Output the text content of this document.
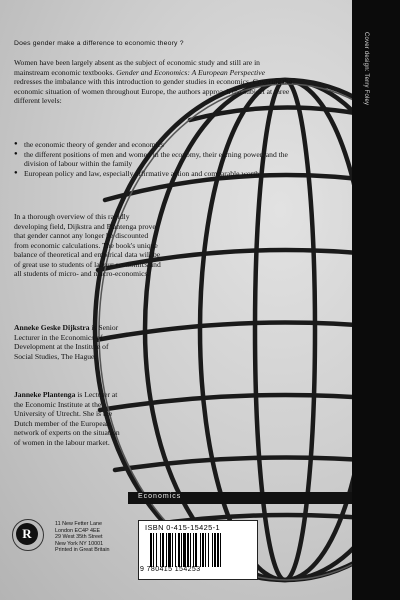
Cover design: Terry Foley
Does gender make a difference to economic theory ?
Women have been largely absent as the subject of economic study and still are in mainstream economic textbooks. Gender and Economics: A European Perspective redresses the imbalance with this introduction to gender studies in economics. Covering the economic situation of women throughout Europe, the authors approach the subject at three different levels:
● the economic theory of gender and economics
● the different positions of men and women in the economy, their earning power, and the division of labour within the family
● European policy and law, especially affirmative action and comparable worth
In a thorough overview of this rapidly developing field, Dijkstra and Plantenga prove that gender cannot any longer be discounted from economic calculations. The book's unique balance of theoretical and empirical data will be of great use to students of labour economics and all students of micro- and macro-economics.
Anneke Geske Dijkstra is Senior Lecturer in the Economics of Development at the Institute of Social Studies, The Hague.
Janneke Plantenga is Lecturer at the Economic Institute at the University of Utrecht. She is the Dutch member of the European network of experts on the situation of women in the labour market.
Economics
R
11 New Fetter Lane
London EC4P 4EE
29 West 35th Street
New York NY 10001
Printed in Great Britain
ISBN 0-415-15425-1
9 780415 154253
